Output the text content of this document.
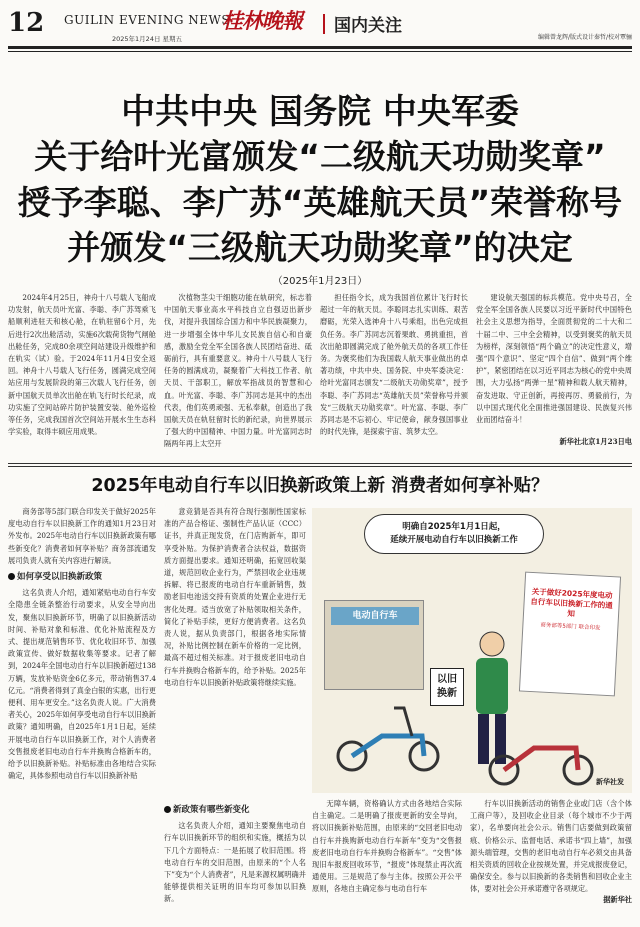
12 GUILIN EVENING NEWS
2025年1月24日 星期五
桂林晚報 国内关注
编辑曾龙辉/版式设计秦哲/校对覃骊
中共中央 国务院 中央军委
关于给叶光富颁发“二级航天功勋奖章”
授予李聪、李广苏“英雄航天员”荣誉称号
并颁发“三级航天功勋奖章”的决定
（2025年1月23日）

2024年4月25日，神舟十八号载人飞船成功发射，航天员叶光富、李聪、李广苏驾乘飞船顺利进驻天和核心舱，在轨驻留6个月，先后进行2次出舱活动，实施6次载荷货物气闸舱出舱任务，完成80余项空间站建设升级维护和在轨实（试）验。于2024年11月4日安全返回。神舟十八号载人飞行任务，圆满完成空间站应用与发展阶段的第三次载人飞行任务，创新中国航天员单次出舱在轨飞行时长纪录，成功实施了空间站碎片防护装置安装、舱外巡检等任务，完成我国首次空间站开展水生生态科学实验，取得丰硕应用成果。

次植物茎尖干细胞功能在轨研究，标志着中国航天事业高水平科技自立自强迈出新步伐，对提升我国综合国力和中华民族凝聚力，进一步增强全体中华儿女民族自信心和自豪感，激励全党全军全国各族人民团结奋进、砥砺前行，具有重要意义。神舟十八号载人飞行任务的圆满成功，凝聚着广大科技工作者、航天员、干部职工，解放军指战员的智慧和心血。叶光富、李聪、李广苏同志是其中的杰出代表，他们英勇顽强、无私奉献，创造出了我国航天员在轨驻留时长的新纪录，向世界展示了强大的中国精神、中国力量。叶光富同志时隔两年再上太空开

担任指令长，成为我国首位累计飞行时长超过一年的航天员。李聪同志扎实训练、艰苦磨砺，光荣入选神舟十八号乘组，出色完成担负任务。李广苏同志沉着果敢、勇挑重担，首次出舱即圆满完成了舱外航天员的各项工作任务。为褒奖他们为我国载人航天事业做出的卓著功绩，中共中央、国务院、中央军委决定：给叶光富同志颁发“二级航天功勋奖章”，授予李聪、李广苏同志“英雄航天员”荣誉称号并颁发“三级航天功勋奖章”。叶光富、李聪、李广苏同志是不忘初心、牢记使命，献身强国事业的时代先锋，是探索宇宙、筑梦太空。

建设航天强国的标兵模范。党中央号召，全党全军全国各族人民要以习近平新时代中国特色社会主义思想为指导，全面贯彻党的二十大和二十届二中、三中全会精神，以受到褒奖的航天员为榜样，深刻领悟“两个确立”的决定性意义，增强“四个意识”、坚定“四个自信”、做到“两个维护”，紧密团结在以习近平同志为核心的党中央周围，大力弘扬“两弹一星”精神和载人航天精神，奋发进取、守正创新，再接再厉、勇毅前行，为以中国式现代化全面推进强国建设、民族复兴伟业而团结奋斗！

新华社北京1月23日电

2025年电动自行车以旧换新政策上新 消费者如何享补贴？

商务部等5部门联合印发关于做好2025年度电动自行车以旧换新工作的通知1月23日对外发布。2025年电动自行车以旧换新政策有哪些新变化？消费者如何享补贴？商务部流通发展司负责人就有关内容进行解读。

如何享受以旧换新政策

这名负责人介绍，通知紧贴电动自行车安全隐患全链条整治行动要求，从安全导向出发，聚焦以旧换新环节，明确了以旧换新活动时间、补贴对象和标准、优化补贴流程及方式、提出规范销售环节、优化收旧环节、加强政策宣传、做好数据收集等要求。记者了解到，2024年全国电动自行车以旧换新超过138万辆，发放补贴资金6亿多元，带动销售37.4亿元。“消费者得到了真金白银的实惠，出行更便利、用车更安全。”这名负责人说。广大消费者关心，2025年如何享受电动自行车以旧换新政策？通知明确，自2025年1月1日起，延续开展电动自行车以旧换新工作，对个人消费者交售报废老旧电动自行车并换购合格新车的，给予以旧换新补贴。补贴标准由各地结合实际确定，具体参照电动自行车以旧换新补贴

意竞猜是否具有符合现行强制性国家标准的产品合格证、强制性产品认证（CCC）证书，并真正现发货，在门店购新车，即可享受补贴。为保护消费者合法权益，数据资质方面提出要求。通知还明确，拓宽回收渠道，规范回收企业行为，严禁回收企业违规拆解、将已报废的电动自行车重新销售，鼓励老旧电池送交持有资质的处置企业进行无害化处理。适当放宽了补贴领取相关条件，简化了补贴手续，更好方便消费者。这名负责人说，据从负责部门，根据各地实际情况，补贴比例控制在新车价格的一定比例，最高不超过相关标准。对于报废老旧电动自行车并换购合格新车的，给予补贴。2025年电动自行车以旧换新补贴政策将继续实施。

新政策有哪些新变化

这名负责人介绍，通知主要聚焦电动自行车以旧换新环节的组织和实施，概括为以下几个方面特点：一是拓展了收旧范围。将电动自行车的交旧范围，由原来的“个人名下”变为“个人消费者”，凡是来源权属明确并能够提供相关证明的旧车均可参加以旧换新。

明确自2025年1月1日起，
延续开展电动自行车以旧换新工作
电动自行车
关于做好2025年度电动自行车以旧换新工作的通知
商务部等5部门 联合印发
以旧
换新
新华社发

无障车辆，资格确认方式由各地结合实际自主确定。二是明确了报废更新的安全导向，将以旧换新补贴范围，由原来的“交回老旧电动自行车并换购新电动自行车新车”变为“交售报废老旧电动自行车并换购合格新车”。“交售”体现旧车报废回收环节，“报废”体现禁止再次流通使用。三是规范了参与主体。按照公开公平原则，各地自主确定参与电动自行车

行车以旧换新活动的销售企业或门店（含个体工商户等），及回收企业目录（每个城市不少于两家），名单要向社会公示。销售门店要做到政策留痕、价格公示、监督电话、承诺书“四上墙”，加强源头端管理，交售的老旧电动自行车必须交由具备相关资质的回收企业按规处置，并完成报废登记，确保安全。参与以旧换新的各类销售和回收企业主体，要对社会公开承诺遵守各项规定。

据新华社
